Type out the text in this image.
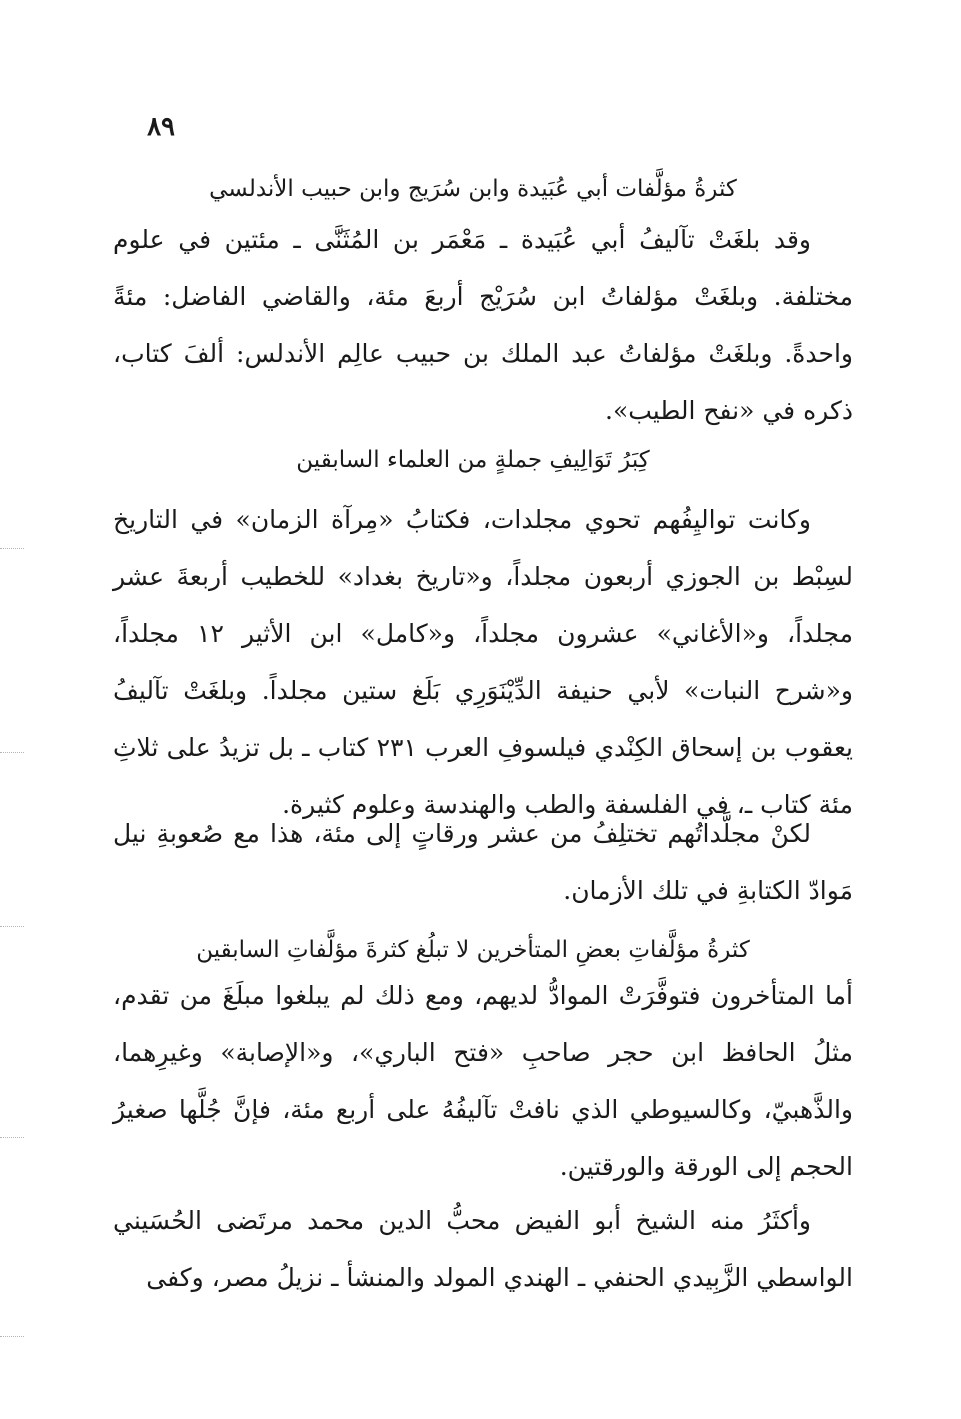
٨٩
كثرةُ مؤلَّفات أبي عُبَيدة وابن سُرَيج وابن حبيب الأندلسي
وقد بلغَتْ تآليفُ أبي عُبَيدة ـ مَعْمَر بن المُثَنَّى ـ مئتين في علوم مختلفة. وبلغَتْ مؤلفاتُ ابن سُرَيْج أربعَ مئة، والقاضي الفاضل: مئةً واحدةً. وبلغَتْ مؤلفاتُ عبد الملك بن حبيب عالِم الأندلس: ألفَ كتاب، ذكره في «نفح الطيب».
كِبَرُ تَوَالِيفِ جملةٍ من العلماء السابقين
وكانت تواليِفُهم تحوي مجلدات، فكتابُ «مِرآة الزمان» في التاريخ لسِبْط بن الجوزي أربعون مجلداً، و«تاريخ بغداد» للخطيب أربعةَ عشر مجلداً، و«الأغاني» عشرون مجلداً، و«كامل» ابن الأثير ١٢ مجلداً، و«شرح النبات» لأبي حنيفة الدِّيْنَوَرِي بَلَغ ستين مجلداً. وبلغَتْ تآليفُ يعقوب بن إسحاق الكِنْدي فيلسوفِ العرب ٢٣١ كتاب ـ بل تزيدُ على ثلاثِ مئة كتاب ـ، في الفلسفة والطب والهندسة وعلوم كثيرة.
لكنْ مجلَّداتُهم تختلِفُ من عشر ورقاتٍ إلى مئة، هذا مع صُعوبةِ نيل مَوادّ الكتابةِ في تلك الأزمان.
كثرةُ مؤلَّفاتِ بعضِ المتأخرين لا تبلُغ كثرةَ مؤلَّفاتِ السابقين
أما المتأخرون فتوفَّرَتْ الموادُّ لديهم، ومع ذلك لم يبلغوا مبلَغَ من تقدم، مثلُ الحافظ ابن حجر صاحبِ «فتح الباري»، و«الإصابة» وغيرِهما، والذَّهبيّ، وكالسيوطي الذي نافتْ تآليفُهُ على أربع مئة، فإنَّ جُلَّها صغيرُ الحجم إلى الورقة والورقتين.
وأكثَرُ منه الشيخ أبو الفيض محبُّ الدين محمد مرتَضى الحُسَيني الواسطي الزَّبِيدي الحنفي ـ الهندي المولد والمنشأ ـ نزيلُ مصر، وكفى
